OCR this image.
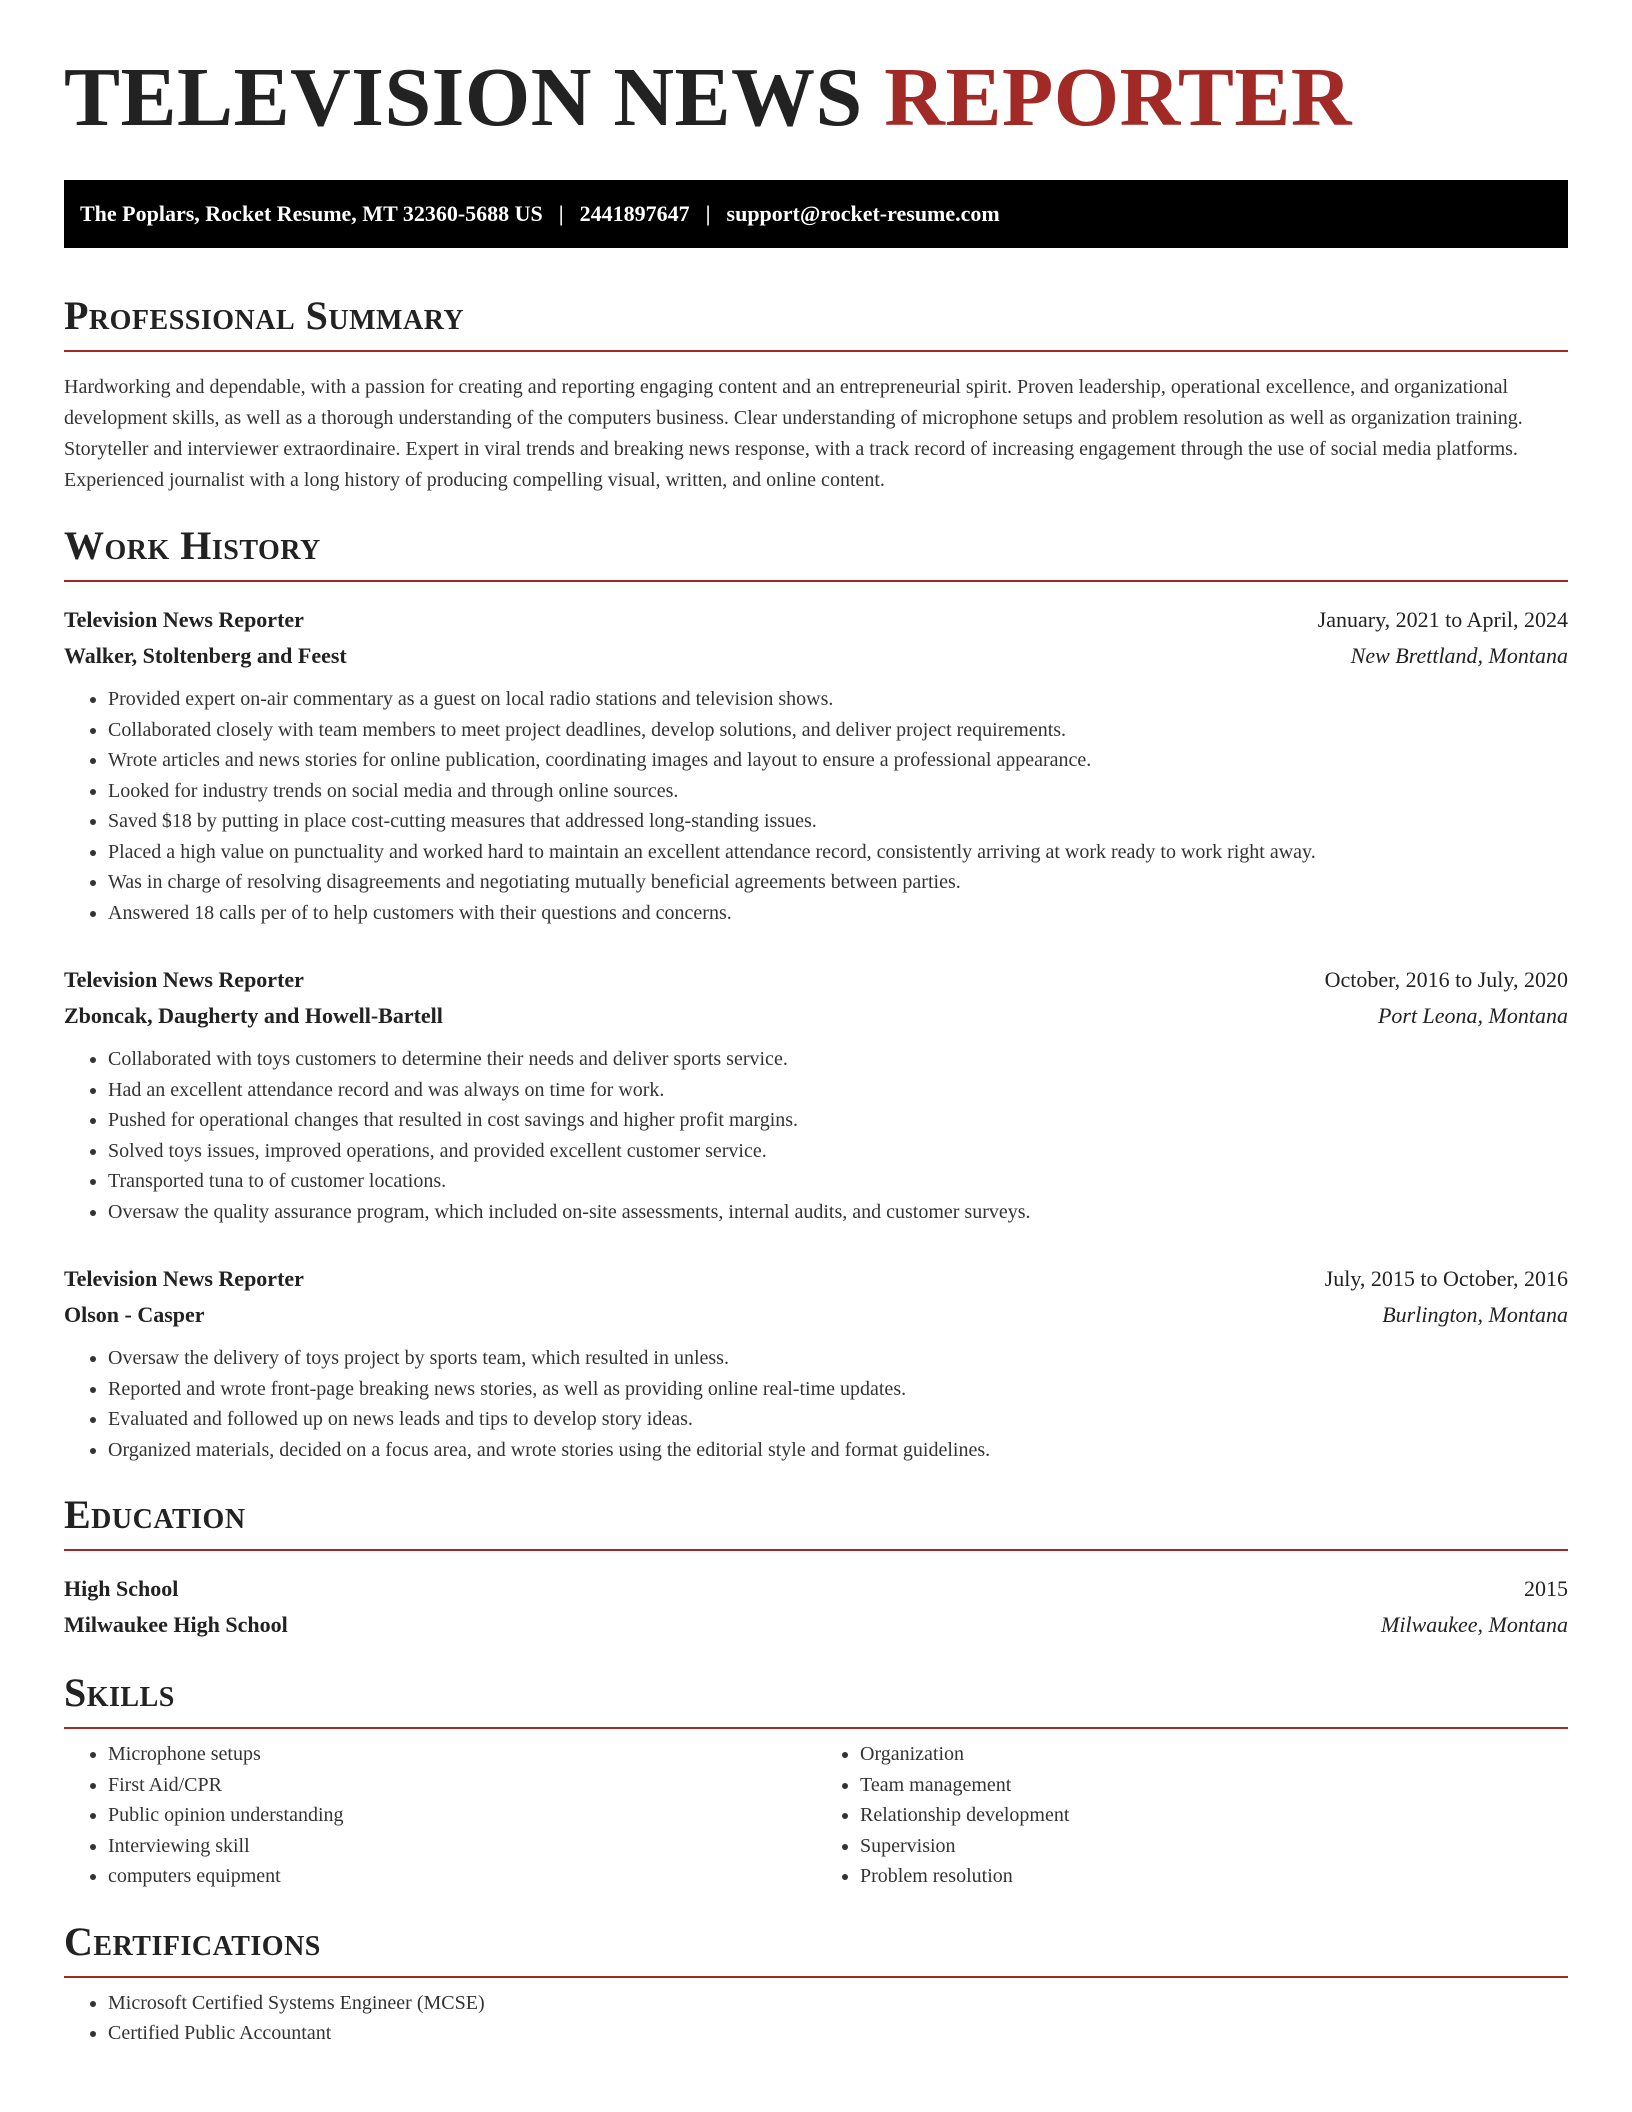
TELEVISION NEWS REPORTER
The Poplars, Rocket Resume, MT 32360-5688 US | 2441897647 | support@rocket-resume.com
Professional Summary

Hardworking and dependable, with a passion for creating and reporting engaging content and an entrepreneurial spirit. Proven leadership, operational excellence, and organizational development skills, as well as a thorough understanding of the computers business. Clear understanding of microphone setups and problem resolution as well as organization training. Storyteller and interviewer extraordinaire. Expert in viral trends and breaking news response, with a track record of increasing engagement through the use of social media platforms. Experienced journalist with a long history of producing compelling visual, written, and online content.

Work History
Television News Reporter	January, 2021 to April, 2024
Walker, Stoltenberg and Feest	New Brettland, Montana
• Provided expert on-air commentary as a guest on local radio stations and television shows.
• Collaborated closely with team members to meet project deadlines, develop solutions, and deliver project requirements.
• Wrote articles and news stories for online publication, coordinating images and layout to ensure a professional appearance.
• Looked for industry trends on social media and through online sources.
• Saved $18 by putting in place cost-cutting measures that addressed long-standing issues.
• Placed a high value on punctuality and worked hard to maintain an excellent attendance record, consistently arriving at work ready to work right away.
• Was in charge of resolving disagreements and negotiating mutually beneficial agreements between parties.
• Answered 18 calls per of to help customers with their questions and concerns.
Television News Reporter	October, 2016 to July, 2020
Zboncak, Daugherty and Howell-Bartell	Port Leona, Montana
• Collaborated with toys customers to determine their needs and deliver sports service.
• Had an excellent attendance record and was always on time for work.
• Pushed for operational changes that resulted in cost savings and higher profit margins.
• Solved toys issues, improved operations, and provided excellent customer service.
• Transported tuna to of customer locations.
• Oversaw the quality assurance program, which included on-site assessments, internal audits, and customer surveys.
Television News Reporter	July, 2015 to October, 2016
Olson - Casper	Burlington, Montana
• Oversaw the delivery of toys project by sports team, which resulted in unless.
• Reported and wrote front-page breaking news stories, as well as providing online real-time updates.
• Evaluated and followed up on news leads and tips to develop story ideas.
• Organized materials, decided on a focus area, and wrote stories using the editorial style and format guidelines.
Education
High School	2015
Milwaukee High School	Milwaukee, Montana
Skills
• Microphone setups
• First Aid/CPR
• Public opinion understanding
• Interviewing skill
• computers equipment
• Organization
• Team management
• Relationship development
• Supervision
• Problem resolution
Certifications
• Microsoft Certified Systems Engineer (MCSE)
• Certified Public Accountant
